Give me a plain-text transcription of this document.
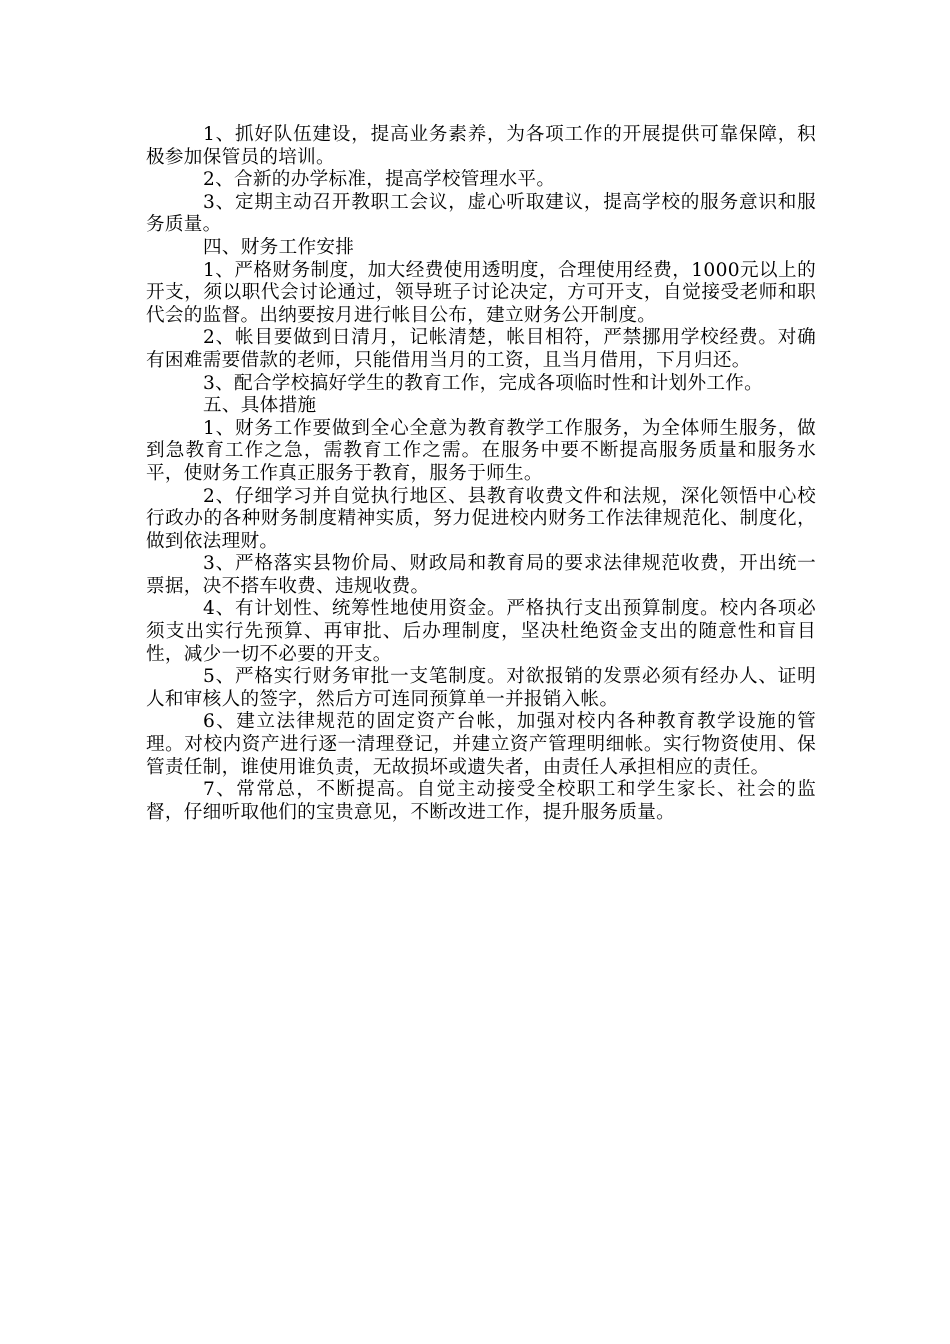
1、抓好队伍建设，提高业务素养，为各项工作的开展提供可靠保障，积极参加保管员的培训。

2、合新的办学标准，提高学校管理水平。

3、定期主动召开教职工会议，虚心听取建议，提高学校的服务意识和服务质量。

四、财务工作安排

1、严格财务制度，加大经费使用透明度，合理使用经费，1000元以上的开支，须以职代会讨论通过，领导班子讨论决定，方可开支，自觉接受老师和职代会的监督。出纳要按月进行帐目公布，建立财务公开制度。

2、帐目要做到日清月，记帐清楚，帐目相符，严禁挪用学校经费。对确有困难需要借款的老师，只能借用当月的工资，且当月借用，下月归还。

3、配合学校搞好学生的教育工作，完成各项临时性和计划外工作。

五、具体措施

1、财务工作要做到全心全意为教育教学工作服务，为全体师生服务，做到急教育工作之急，需教育工作之需。在服务中要不断提高服务质量和服务水平，使财务工作真正服务于教育，服务于师生。

2、仔细学习并自觉执行地区、县教育收费文件和法规，深化领悟中心校行政办的各种财务制度精神实质，努力促进校内财务工作法律规范化、制度化，做到依法理财。

3、严格落实县物价局、财政局和教育局的要求法律规范收费，开出统一票据，决不搭车收费、违规收费。

4、有计划性、统筹性地使用资金。严格执行支出预算制度。校内各项必须支出实行先预算、再审批、后办理制度，坚决杜绝资金支出的随意性和盲目性，减少一切不必要的开支。

5、严格实行财务审批一支笔制度。对欲报销的发票必须有经办人、证明人和审核人的签字，然后方可连同预算单一并报销入帐。

6、建立法律规范的固定资产台帐，加强对校内各种教育教学设施的管理。对校内资产进行逐一清理登记，并建立资产管理明细帐。实行物资使用、保管责任制，谁使用谁负责，无故损坏或遗失者，由责任人承担相应的责任。

7、常常总，不断提高。自觉主动接受全校职工和学生家长、社会的监督，仔细听取他们的宝贵意见，不断改进工作，提升服务质量。
